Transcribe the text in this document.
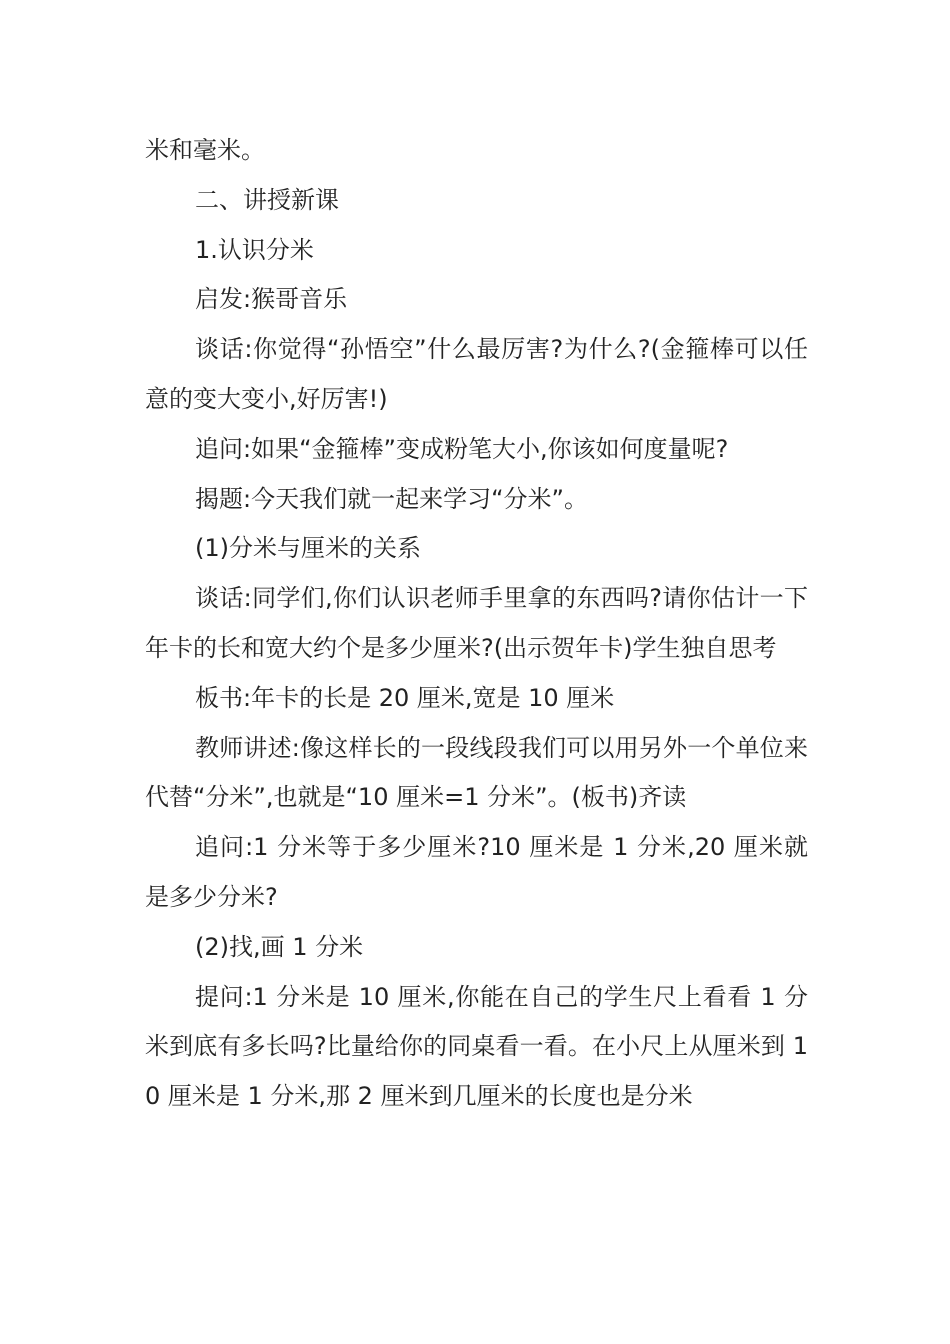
米和毫米。

二、讲授新课

1.认识分米

启发:猴哥音乐

谈话:你觉得“孙悟空”什么最厉害?为什么?(金箍棒可以任意的变大变小,好厉害!)

追问:如果“金箍棒”变成粉笔大小,你该如何度量呢?

揭题:今天我们就一起来学习“分米”。

(1)分米与厘米的关系

谈话:同学们,你们认识老师手里拿的东西吗?请你估计一下年卡的长和宽大约个是多少厘米?(出示贺年卡)学生独自思考

板书:年卡的长是 20 厘米,宽是 10 厘米

教师讲述:像这样长的一段线段我们可以用另外一个单位来代替“分米”,也就是“10 厘米=1 分米”。(板书)齐读

追问:1 分米等于多少厘米?10 厘米是 1 分米,20 厘米就是多少分米?

(2)找,画 1 分米

提问:1 分米是 10 厘米,你能在自己的学生尺上看看 1 分米到底有多长吗?比量给你的同桌看一看。在小尺上从厘米到 10 厘米是 1 分米,那 2 厘米到几厘米的长度也是分米
